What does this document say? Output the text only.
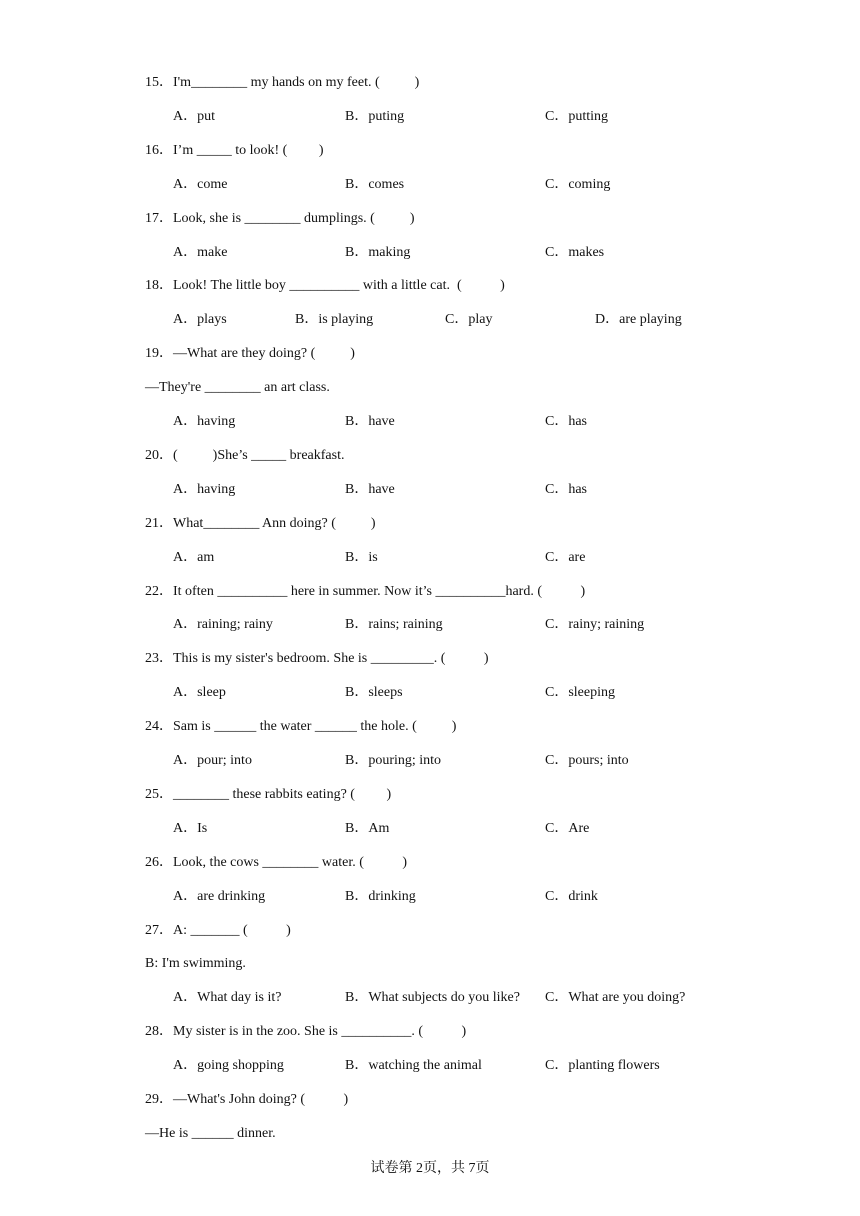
15．I'm________ my hands on my feet. (          )
A．put	B．puting	C．putting
16．I’m _____ to look! (         )
A．come	B．comes	C．coming
17．Look, she is ________ dumplings. (          )
A．make	B．making	C．makes
18．Look! The little boy __________ with a little cat.  (           )
A．plays	B．is playing	C．play	D．are playing
19．—What are they doing? (          )
—They're ________ an art class.
A．having	B．have	C．has
20．(          )She’s _____ breakfast.
A．having	B．have	C．has
21．What________ Ann doing? (          )
A．am	B．is	C．are
22．It often __________ here in summer. Now it’s __________hard. (           )
A．raining; rainy	B．rains; raining	C．rainy; raining
23．This is my sister's bedroom. She is _________. (           )
A．sleep	B．sleeps	C．sleeping
24．Sam is ______ the water ______ the hole. (          )
A．pour; into	B．pouring; into	C．pours; into
25．________ these rabbits eating? (         )
A．Is	B．Am	C．Are
26．Look, the cows ________ water. (           )
A．are drinking	B．drinking	C．drink
27．A: _______ (           )
B: I'm swimming.
A．What day is it?	B．What subjects do you like? C．What are you doing?
28．My sister is in the zoo. She is __________. (           )
A．going shopping	B．watching the animal	C．planting flowers
29．—What's John doing? (           )
—He is ______ dinner.
试卷第 2页，共 7页
